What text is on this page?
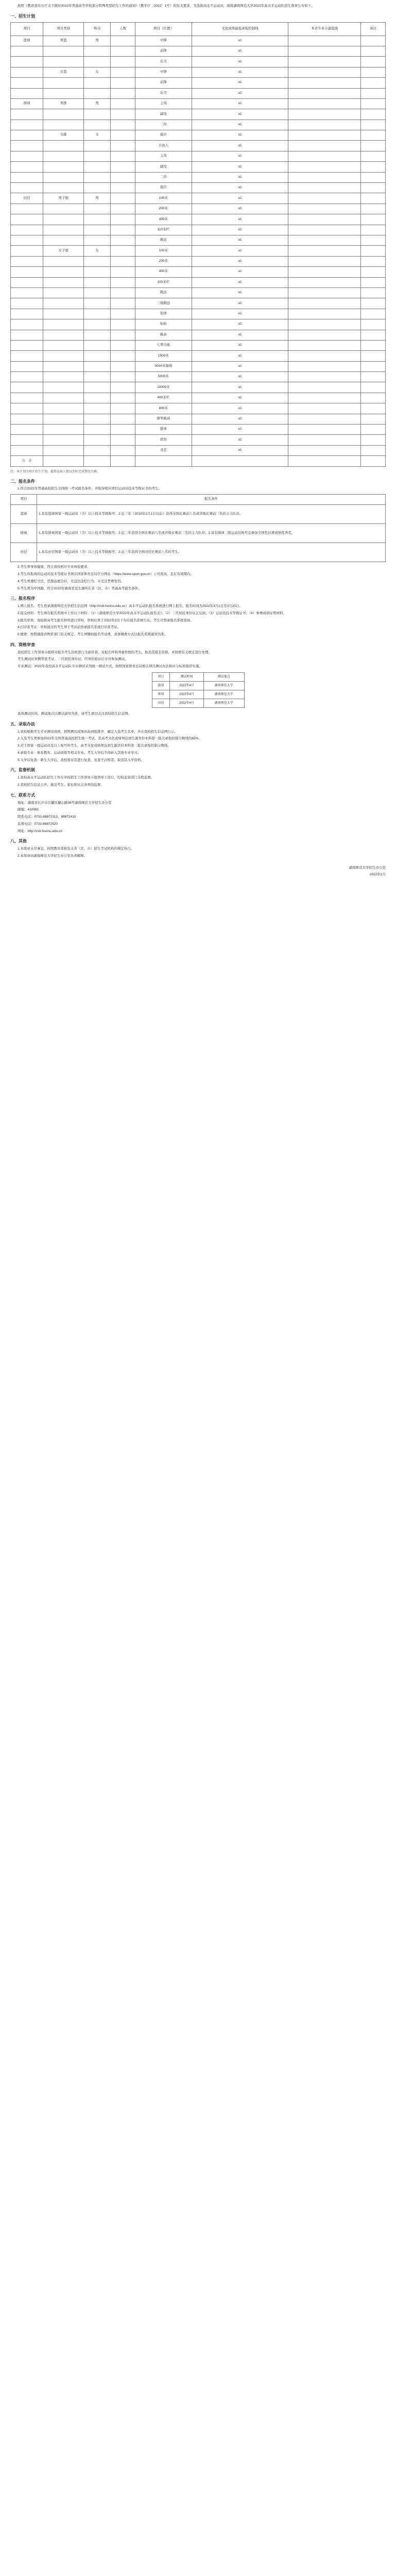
按照《教育部办公厅关于做好2022年普通高等学校部分特殊类型招生工作的通知》（教学厅〔2022〕1号）的有关要求，为选拔高水平运动员，现将湖南师范大学2022年高水平运动队招生简章公布如下。

一、招生计划
项目	项目类别	男/女	人数	项目（位置）	文化成绩最低录取控制线	本省专业分最低线	备注
篮球	男篮	男		中锋	≥1		
				前锋	≥1		
				后卫	≥1		
	女篮	女		中锋	≥1		
				前锋	≥1		
				后卫	≥1		
排球	男排	男		主攻	≥1		
				副攻	≥1		
				二传	≥1		
	女排	女		接应	≥1		
				自由人	≥1		
				主攻	≥1		
				副攻	≥1		
				二传	≥1		
				接应	≥1		
田径	男子组	男		100米	≥1		
				200米	≥1		
				400米	≥1		
				110米栏	≥1		
				跳远	≥1		
	女子组	女		100米	≥1		
				200米	≥1		
				400米	≥1		
				100米栏	≥1		
				跳远	≥1		
				三级跳远	≥1		
				铅球	≥1		
				标枪	≥1		
				跳高	≥1		
				七项全能	≥1		
				1500米	≥1		
				3000米障碍	≥1		
				5000米	≥1		
				10000米	≥1		
				400米栏	≥1		
				800米	≥1		
				撑竿跳高	≥1		
				链球	≥1		
				铁饼	≥1		
				竞走	≥1		
合　计							

注：本计划为预计招生计划，最终录取人数以实际完成情况为准。

二、报名条件

1.符合2022年普通高校招生全国统一考试报名条件，并取得相应项目运动员技术等级证书的考生。

项目	报名条件
篮球	1.具有篮球国家一级运动员（含）以上技术等级称号；2.近三年（2019年1月1日以后）获得全国比赛前八名或省级比赛前三名的主力队员。
排球	1.具有排球国家一级运动员（含）以上技术等级称号；2.近三年获得全国比赛前八名或省级比赛前三名的主力队员；3.具有排球二级运动员称号且参加全国性比赛成绩优秀者。
田径	1.具有田径国家一级运动员（含）以上技术等级称号；2.近三年获得全国田径比赛前八名的考生。

2.考生须身体健康，符合我校相应专业体检要求。

3.考生所取得的运动员技术等级证书须在国家体育总局官方网站（https://www.sport.gov.cn）上可查询，且在有效期内。

4.考生须遵纪守法，思想品德良好，无违法违纪行为，未受过禁赛处罚。

5.考生须为中国籍，符合2022年湖南省及生源所在省（区、市）普通高考报名条件。

三、报名程序

1.网上报名：考生登录湖南师范大学招生信息网（http://zsb.hunnu.edu.cn）高水平运动队报名系统进行网上报名，报名时间为2022年3月1日至3月20日。

2.提交材料：考生须在报名系统中上传以下材料：（1）《湖南师范大学2022年高水平运动队报名表》；（2）二代居民身份证正反面；（3）运动员技术等级证书；（4）参赛成绩证明材料。

3.报名审核：我校将对考生报名材料进行审核，审核结果于2022年3月下旬在报名系统公布，考生可登录报名系统查询。

4.打印准考证：审核通过的考生须于考试前登录报名系统打印准考证。

5.缴费：按照湖南省物价部门有关规定，考生须缴纳报名考试费，具体缴费方式以报名系统通知为准。

四、资格审查

我校招生工作领导小组将对报名考生资格进行全面审查，对报名材料弄虚作假的考生，取消其报名资格，并按照有关规定进行处理。

考生测试时须携带准考证、二代居民身份证，经身份验证后方可参加测试。

专业测试：2022年我校高水平运动队专业测试采用统一测试方式，按照国家体育总局相关项目测试办法和评分标准组织实施。

项目	测试时间	测试地点
篮球	2022年4月	湖南师范大学
排球	2022年4月	湖南师范大学
田径	2022年4月	湖南师范大学

具体测试时间、测试地点以测试通知为准，请考生密切关注我校招生信息网。

五、录取办法

1.我校根据考生专业测试成绩，按照测试成绩由高到低排序，确定入选考生名单，并在我校招生信息网公示。

2.入选考生须参加2022年全国普通高校招生统一考试，其高考文化成绩须达到生源省份本科第一批次录取控制分数线的65%。

3.对于国家一级运动员及以上称号的考生，高考文化成绩须达到生源省份本科第二批次录取控制分数线。

4.录取专业：体育教育、运动训练等相关专业。考生入学后不得转入其他专业学习。

5.入学后复查：新生入学后，我校将对其进行复查，复查不合格者，取消其入学资格。

六、监督机制

1.我校高水平运动队招生工作在学校招生工作领导小组领导下进行，纪检监察部门全程监督。

2.我校招生信息公开，接受考生、家长和社会各界的监督。

七、联系方式

地址：湖南省长沙市岳麓区麓山路36号湖南师范大学招生办公室

邮编：410081

联系电话：0731-88872313、88872410

监督电话：0731-88872520

网址：http://zsb.hunnu.edu.cn

八、其他

1.本简章未尽事宜，按照教育部和有关省（区、市）招生考试机构的规定执行。

2.本简章由湖南师范大学招生办公室负责解释。

湖南师范大学招生办公室

2022年2月
